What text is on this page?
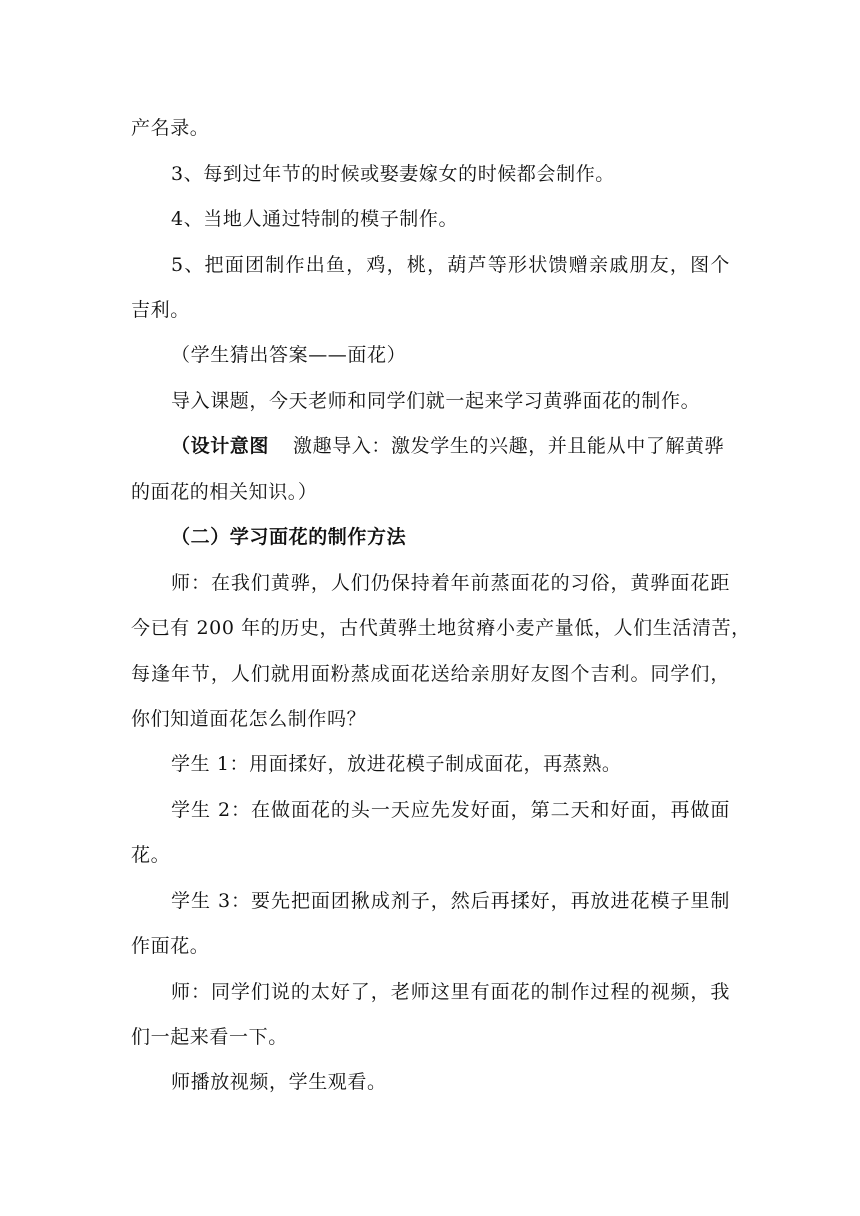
产名录。
3、每到过年节的时候或娶妻嫁女的时候都会制作。
4、当地人通过特制的模子制作。
5、把面团制作出鱼，鸡，桃，葫芦等形状馈赠亲戚朋友，图个
吉利。
（学生猜出答案——面花）
导入课题，今天老师和同学们就一起来学习黄骅面花的制作。
（设计意图 激趣导入：激发学生的兴趣，并且能从中了解黄骅
的面花的相关知识。）
（二）学习面花的制作方法
师：在我们黄骅，人们仍保持着年前蒸面花的习俗，黄骅面花距
今已有 200 年的历史，古代黄骅土地贫瘠小麦产量低，人们生活清苦，
每逢年节，人们就用面粉蒸成面花送给亲朋好友图个吉利。同学们，
你们知道面花怎么制作吗？
学生 1：用面揉好，放进花模子制成面花，再蒸熟。
学生 2：在做面花的头一天应先发好面，第二天和好面，再做面
花。
学生 3：要先把面团揪成剂子，然后再揉好，再放进花模子里制
作面花。
师：同学们说的太好了，老师这里有面花的制作过程的视频，我
们一起来看一下。
师播放视频，学生观看。
